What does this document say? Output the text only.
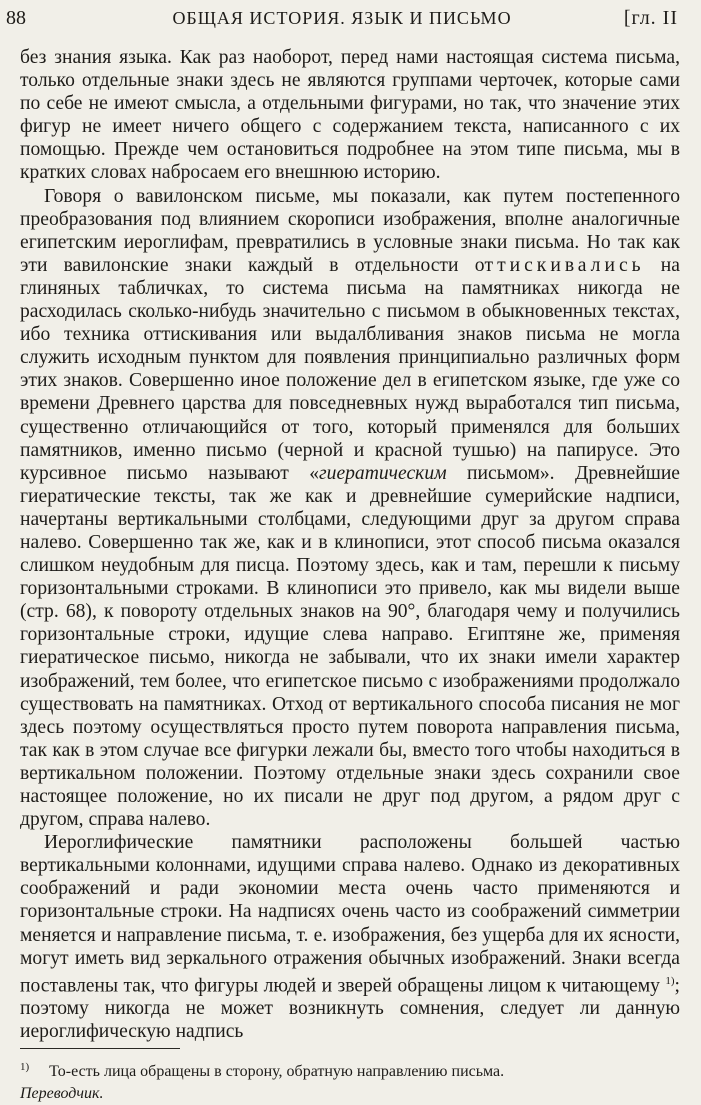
88	ОБЩАЯ ИСТОРИЯ. ЯЗЫК И ПИСЬМО	[гл. II

без знания языка. Как раз наоборот, перед нами настоящая система письма, только отдельные знаки здесь не являются группами черточек, которые сами по себе не имеют смысла, а отдельными фигурами, но так, что значение этих фигур не имеет ничего общего с содержанием текста, написанного с их помощью. Прежде чем остановиться подробнее на этом типе письма, мы в кратких словах набросаем его внешнюю историю.

Говоря о вавилонском письме, мы показали, как путем постепенного преобразования под влиянием скорописи изображения, вполне аналогичные египетским иероглифам, превратились в условные знаки письма. Но так как эти вавилонские знаки каждый в отдельности оттискивались на глиняных табличках, то система письма на памятниках никогда не расходилась сколько-нибудь значительно с письмом в обыкновенных текстах, ибо техника оттискивания или выдалбливания знаков письма не могла служить исходным пунктом для появления принципиально различных форм этих знаков. Совершенно иное положение дел в египетском языке, где уже со времени Древнего царства для повседневных нужд выработался тип письма, существенно отличающийся от того, который применялся для больших памятников, именно письмо (черной и красной тушью) на папирусе. Это курсивное письмо называют «гиератическим письмом». Древнейшие гиератические тексты, так же как и древнейшие сумерийские надписи, начертаны вертикальными столбцами, следующими друг за другом справа налево. Совершенно так же, как и в клинописи, этот способ письма оказался слишком неудобным для писца. Поэтому здесь, как и там, перешли к письму горизонтальными строками. В клинописи это привело, как мы видели выше (стр. 68), к повороту отдельных знаков на 90°, благодаря чему и получились горизонтальные строки, идущие слева направо. Египтяне же, применяя гиератическое письмо, никогда не забывали, что их знаки имели характер изображений, тем более, что египетское письмо с изображениями продолжало существовать на памятниках. Отход от вертикального способа писания не мог здесь поэтому осуществляться просто путем поворота направления письма, так как в этом случае все фигурки лежали бы, вместо того чтобы находиться в вертикальном положении. Поэтому отдельные знаки здесь сохранили свое настоящее положение, но их писали не друг под другом, а рядом друг с другом, справа налево.

Иероглифические памятники расположены большей частью вертикальными колоннами, идущими справа налево. Однако из декоративных соображений и ради экономии места очень часто применяются и горизонтальные строки. На надписях очень часто из соображений симметрии меняется и направление письма, т. е. изображения, без ущерба для их ясности, могут иметь вид зеркального отражения обычных изображений. Знаки всегда поставлены так, что фигуры людей и зверей обращены лицом к читающему $^{1)}$; поэтому никогда не может возникнуть сомнения, следует ли данную иероглифическую надпись

$^{1)}$ То-есть лица обращены в сторону, обратную направлению письма.
Переводчик.
